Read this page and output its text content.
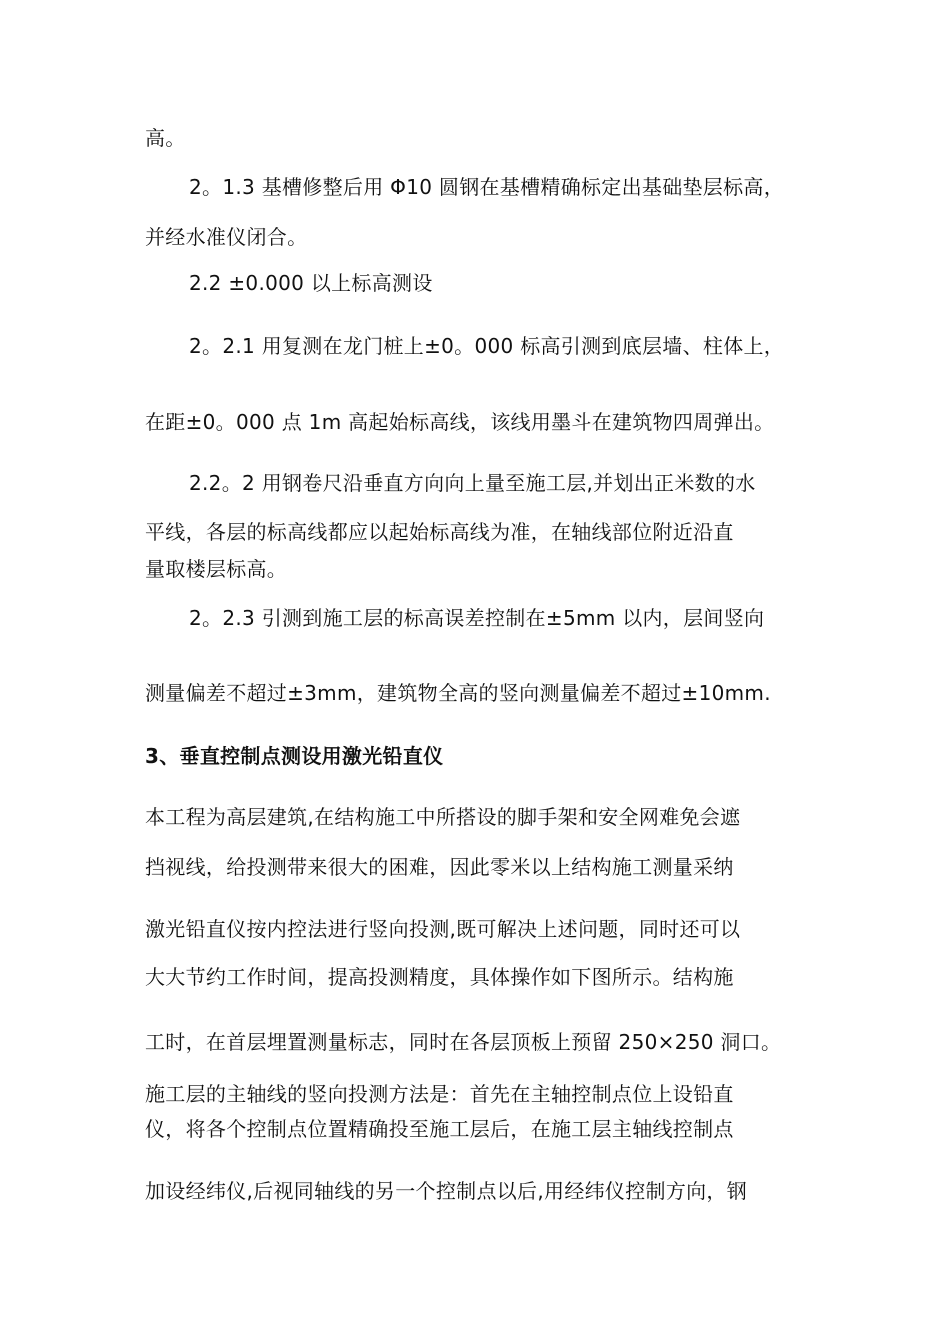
高。
2。1.3 基槽修整后用 Φ10 圆钢在基槽精确标定出基础垫层标高，
并经水准仪闭合。
2.2 ±0.000 以上标高测设
2。2.1 用复测在龙门桩上±0。000 标高引测到底层墙、柱体上，
在距±0。000 点 1m 高起始标高线，该线用墨斗在建筑物四周弹出。
2.2。2 用钢卷尺沿垂直方向向上量至施工层,并划出正米数的水
平线，各层的标高线都应以起始标高线为准，在轴线部位附近沿直
量取楼层标高。
2。2.3 引测到施工层的标高误差控制在±5mm 以内，层间竖向
测量偏差不超过±3mm，建筑物全高的竖向测量偏差不超过±10mm.
3、垂直控制点测设用激光铅直仪
本工程为高层建筑,在结构施工中所搭设的脚手架和安全网难免会遮
挡视线，给投测带来很大的困难，因此零米以上结构施工测量采纳
激光铅直仪按内控法进行竖向投测,既可解决上述问题，同时还可以
大大节约工作时间，提高投测精度，具体操作如下图所示。结构施
工时，在首层埋置测量标志，同时在各层顶板上预留 250×250 洞口。
施工层的主轴线的竖向投测方法是：首先在主轴控制点位上设铅直
仪，将各个控制点位置精确投至施工层后，在施工层主轴线控制点
加设经纬仪,后视同轴线的另一个控制点以后,用经纬仪控制方向，钢
